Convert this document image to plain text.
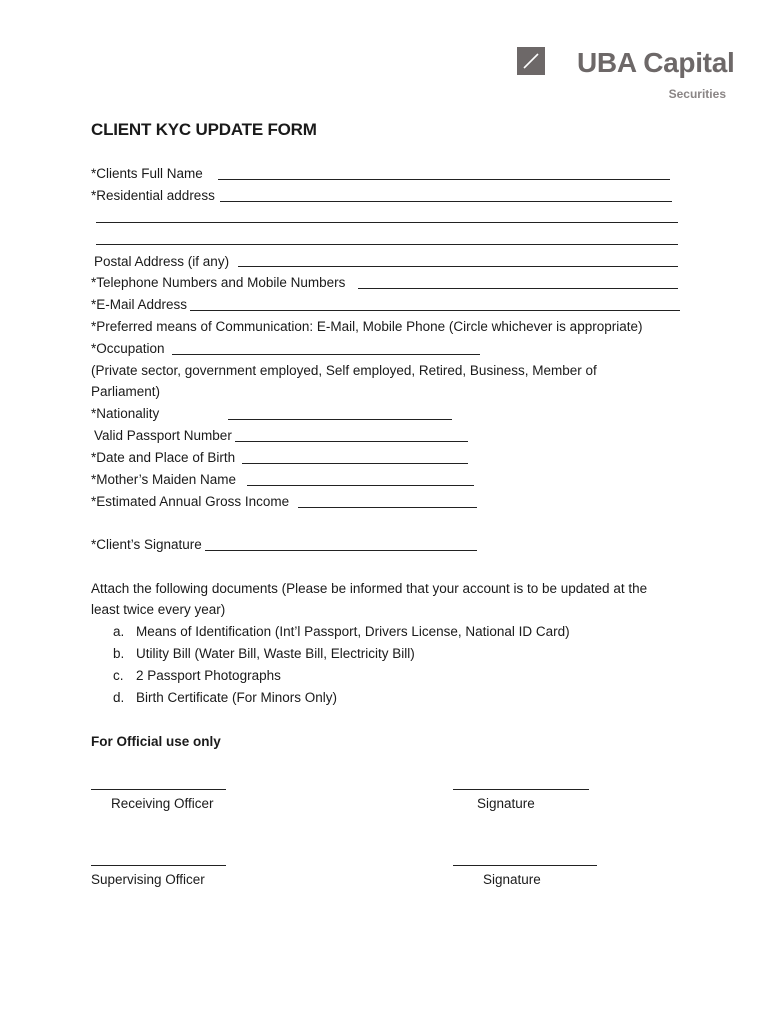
UBA Capital
Securities
CLIENT KYC UPDATE FORM
*Clients Full Name
*Residential address
Postal Address (if any)
*Telephone Numbers and Mobile Numbers
*E-Mail Address
*Preferred means of Communication: E-Mail, Mobile Phone (Circle whichever is appropriate)
*Occupation
(Private sector, government employed, Self employed, Retired, Business, Member of
Parliament)
*Nationality
Valid Passport Number
*Date and Place of Birth
*Mother’s Maiden Name
*Estimated Annual Gross Income
*Client’s Signature
Attach the following documents (Please be informed that your account is to be updated at the
least twice every year)
a. Means of Identification (Int’l Passport, Drivers License, National ID Card)
b. Utility Bill (Water Bill, Waste Bill, Electricity Bill)
c. 2 Passport Photographs
d. Birth Certificate (For Minors Only)
For Official use only
Receiving Officer	Signature
Supervising Officer	Signature
